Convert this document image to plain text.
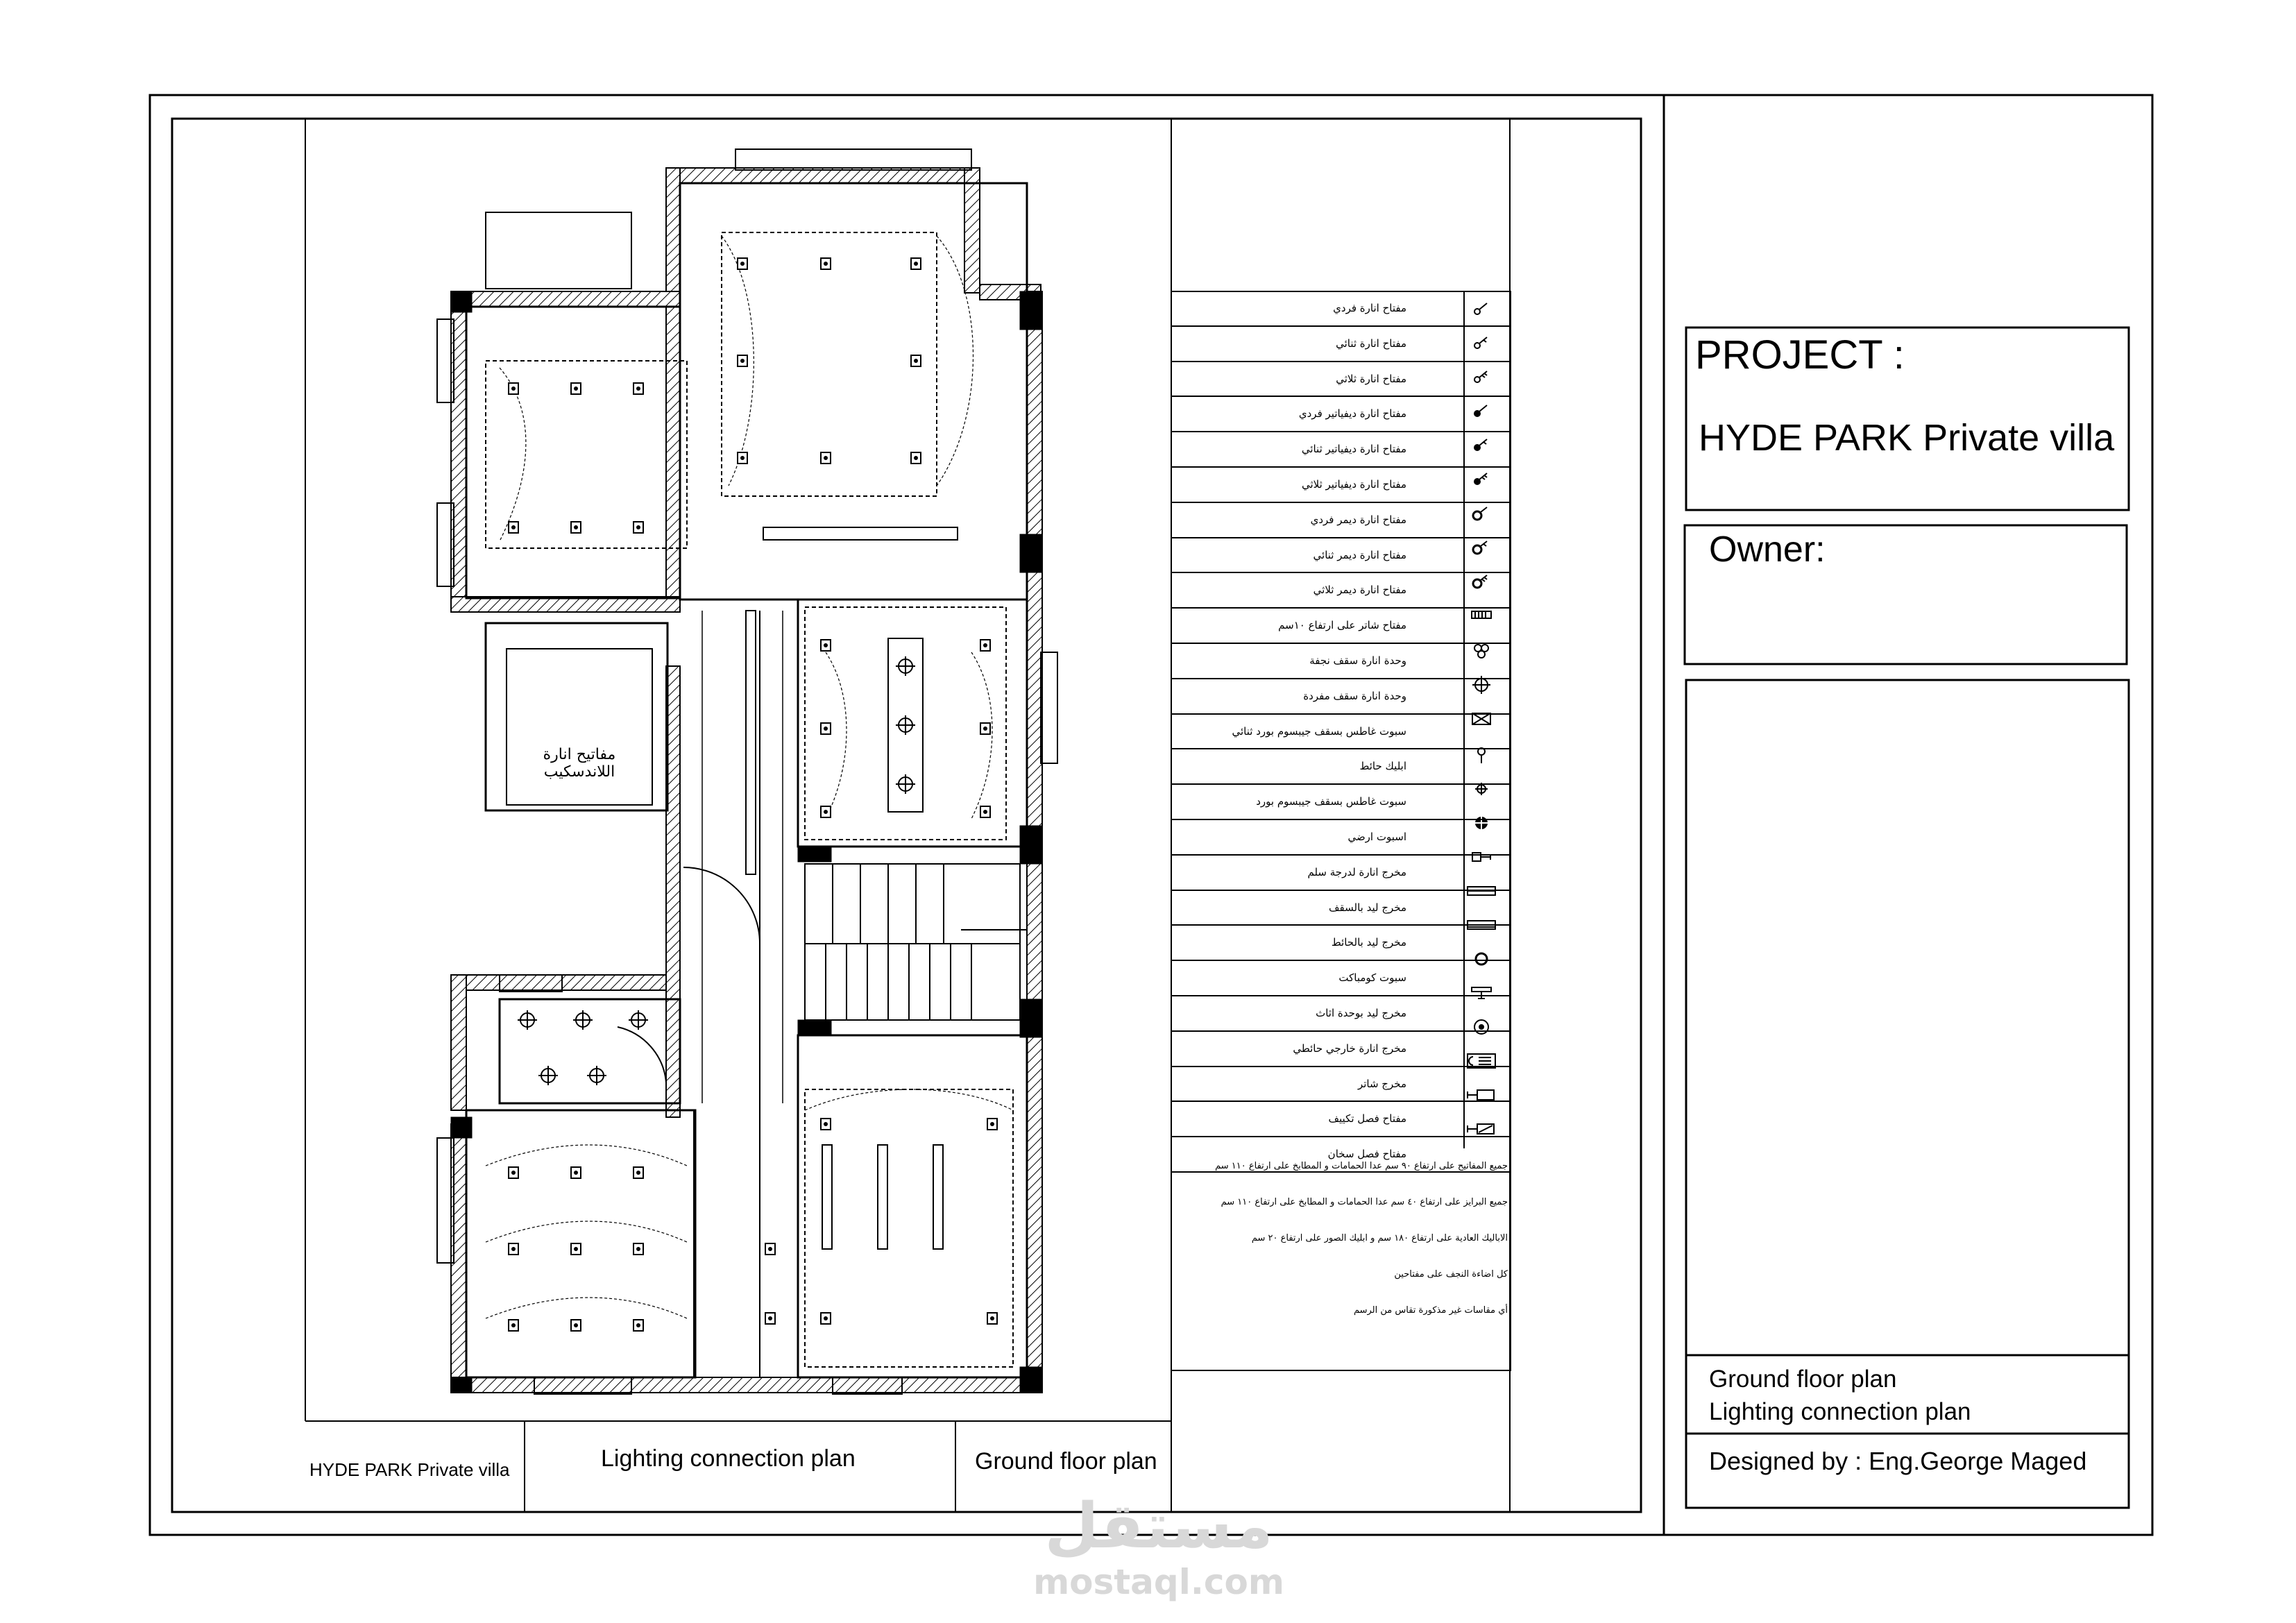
مفتاح انارة فردي
مفتاح انارة ثنائي
مفتاح انارة ثلاثي
مفتاح انارة ديفياتير فردي
مفتاح انارة ديفياتير ثنائي
مفتاح انارة ديفياتير ثلاثي
مفتاح انارة ديمر فردي
مفتاح انارة ديمر ثنائي
مفتاح انارة ديمر ثلاثي
مفتاح شاتر على ارتفاع ١٠سم
وحدة انارة سقف نجفة
وحدة انارة سقف مفردة
سبوت غاطس بسقف جيبسوم بورد ثنائي
ابليك حائط
سبوت غاطس بسقف جيبسوم بورد
اسبوت ارضي
مخرج انارة لدرجة سلم
مخرج ليد بالسقف
مخرج ليد بالحائط
سبوت كومباكت
مخرج ليد بوحدة اثاث
مخرج انارة خارجي حائطي
مخرج شاتر
مفتاح فصل تكييف
مفتاح فصل سخان
جميع المفاتيح على ارتفاع ٩٠ سم عدا الحمامات و المطابخ على ارتفاع ١١٠ سم
جميع البرايز على ارتفاع ٤٠ سم عدا الحمامات و المطابخ على ارتفاع ١١٠ سم
الاباليك العادية على ارتفاع ١٨٠ سم و ابليك الصور على ارتفاع ٢٠ سم
كل اضاءة النجف على مفتاحين
أي مقاسات غير مذكورة تقاس من الرسم
مفاتيح انارة اللاندسكيب
PROJECT :
HYDE PARK Private villa
Owner:
Ground floor plan
Lighting connection plan
Designed by : Eng.George Maged
HYDE PARK Private villa	Lighting connection plan	Ground floor plan
مستقل
mostaql.com
